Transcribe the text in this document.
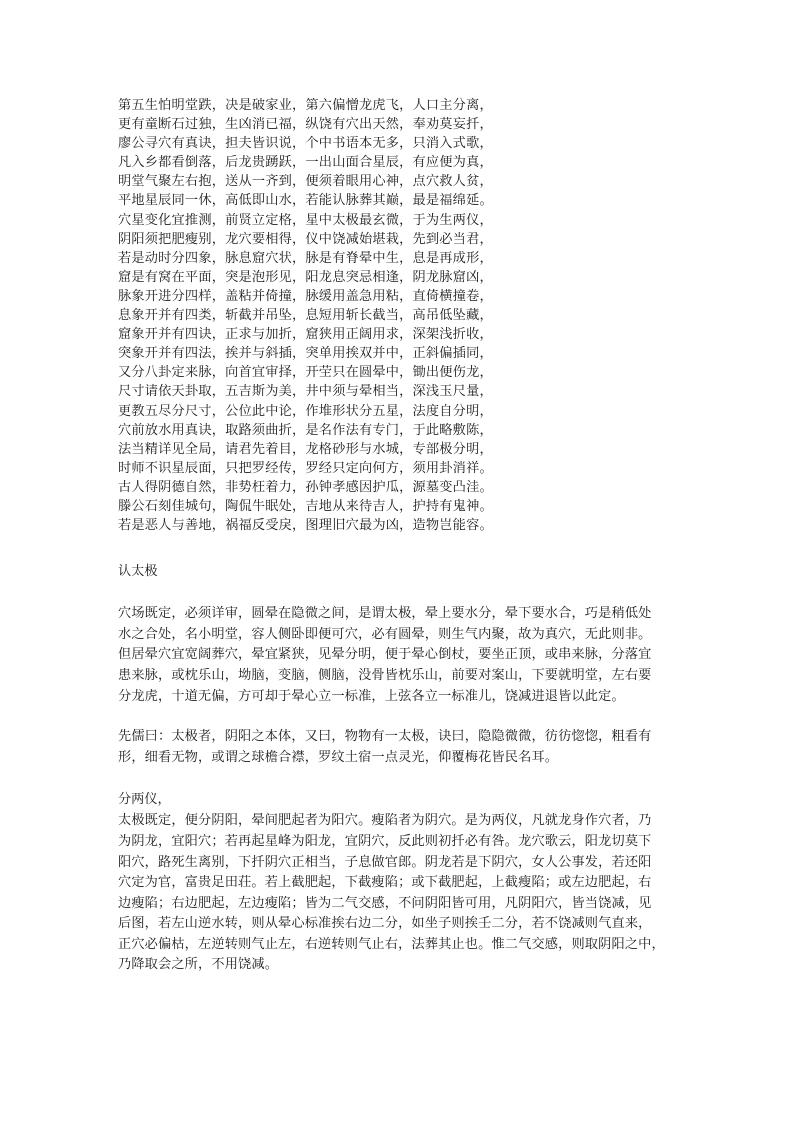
第五生怕明堂跌，决是破家业，第六偏憎龙虎飞，人口主分离，
更有童断石过独，生凶消已福，纵饶有穴出天然，奉劝莫妄扦，
廖公寻穴有真诀，担夫皆识说，个中书语本无多，只消入式歌，
凡入乡都看倒落，后龙贵踴跃，一出山面合星辰，有应便为真，
明堂气聚左右抱，送从一齐到，便须着眼用心神，点穴救人贫，
平地星辰同一休，高低即山水，若能认脉葬其巅，最是福绵延。
穴星变化宜推测，前贤立定格，星中太极最玄微，于为生两仪，
阴阳须把肥瘦别，龙穴要相得，仪中饶减始堪栽，先到必当君，
若是动时分四象，脉息窟穴状，脉是有脊晕中生，息是再成形，
窟是有窝在平面，突是泡形见，阳龙息突忌相逢，阴龙脉窟凶，
脉象开进分四样，盖粘并倚撞，脉缓用盖急用粘，直倚横撞卷，
息象开并有四类，斩截并吊坠，息短用斩长截当，高吊低坠藏，
窟象开并有四诀，正求与加折，窟狭用正阔用求，深架浅折收，
突象开并有四法，挨并与斜插，突单用挨双并中，正斜偏插同，
又分八卦定来脉，向首宜审择，开茔只在圆晕中，锄出便伤龙，
尺寸请依天卦取，五吉斯为美，井中须与晕相当，深浅玉尺量，
更教五尽分尺寸，公位此中论，作堆形状分五星，法度自分明，
穴前放水用真诀，取路须曲折，是名作法有专门，于此略敷陈，
法当精详见全局，请君先着目，龙格砂形与水城，专部极分明，
时师不识星辰面，只把罗经传，罗经只定向何方，须用卦消祥。
古人得阴德自然，非势枉着力，孙钟孝感因护瓜，源墓变凸洼。
滕公石刻佳城句，陶侃牛眠处，吉地从来待吉人，护持有鬼神。
若是恶人与善地，祸福反受戾，图理旧穴最为凶，造物岂能容。
认太极
穴场既定，必须详审，圆晕在隐微之间，是谓太极，晕上要水分，晕下要水合，巧是稍低处
水之合处，名小明堂，容人侧卧即便可穴，必有圆晕，则生气内聚，故为真穴，无此则非。
但居晕穴宜宽阔葬穴，晕宜紧狭，见晕分明，便于晕心倒杖，要坐正顶，或串来脉，分落宜
患来脉，或枕乐山，坳脑，变脑，侧脑，没骨皆枕乐山，前要对案山，下要就明堂，左右要
分龙虎，十道无偏，方可却于晕心立一标准，上弦各立一标准儿，饶减进退皆以此定。
先儒曰：太极者，阴阳之本体，又曰，物物有一太极，诀曰，隐隐微微，彷彷惚惚，粗看有
形，细看无物，或谓之球檐合襟，罗纹土宿一点灵光，仰覆梅花皆民名耳。
分两仪，
太极既定，便分阴阳，晕间肥起者为阳穴。瘦陷者为阴穴。是为两仪，凡就龙身作穴者，乃
为阴龙，宜阳穴；若再起星峰为阳龙，宜阴穴，反此则初扦必有咎。龙穴歌云，阳龙切莫下
阳穴，路死生离别，下扦阴穴正相当，子息做官郎。阴龙若是下阴穴，女人公事发，若还阳
穴定为官，富贵足田荘。若上截肥起，下截瘦陷；或下截肥起，上截瘦陷；或左边肥起，右
边瘦陷；右边肥起，左边瘦陷；皆为二气交感，不问阴阳皆可用，凡阴阳穴，皆当饶减，见
后图，若左山逆水转，则从晕心标准挨右边二分，如坐子则挨壬二分，若不饶减则气直来，
正穴必偏枯，左逆转则气止左，右逆转则气止右，法葬其止也。惟二气交感，则取阴阳之中，
乃降取会之所，不用饶减。
